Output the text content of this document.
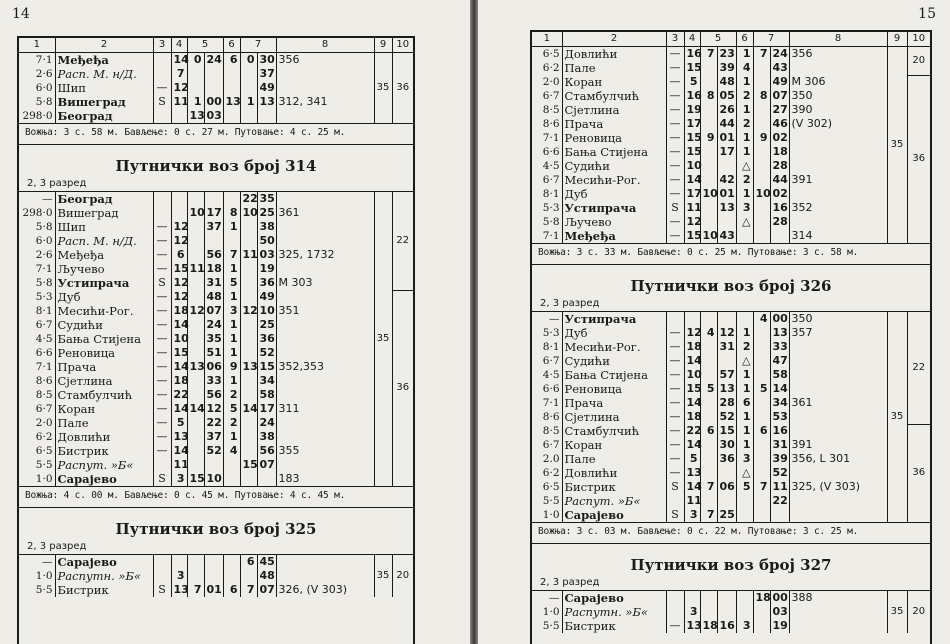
14
1	2	3	4	5	6	7	8	9	10
7·1	Међеђа		14	0	24	6	0	30	356	35	36
2·6	Расп. М. н/Д.		7					37			
6·0	Шип	—	12					49			
5·8	Вишеград	S	11	1	00	13	1	13	312, 341		
298·0	Београд			13	03						
Вожња: 3 с. 58 м. Бављење: 0 с. 27 м. Путовање: 4 с. 25 м.
Путнички воз број 314
2, 3 разред
—	Београд						22	35		35	22
298·0	Вишеград			10	17	8	10	25	361		
5·8	Шип	—	12		37	1		38			
6·0	Расп. М. н/Д.	—	12					50			
2·6	Међеђа	—	6		56	7	11	03	325, 1732		
7·1	Ључево	—	15	11	18	1		19			
5·8	Устипрача	S	12		31	5		36	M 303		
5·3	Дуб	—	12		48	1		49			36
8·1	Месићи-Рог.	—	18	12	07	3	12	10	351		
6·7	Судићи	—	14		24	1		25			
4·5	Бања Стијена	—	10		35	1		36			
6·6	Реновица	—	15		51	1		52			
7·1	Прача	—	14	13	06	9	13	15	352,353		
8·6	Сјетлина	—	18		33	1		34			
8·5	Стамбулчић	—	22		56	2		58			
6·7	Коран	—	14	14	12	5	14	17	311		
2·0	Пале	—	5		22	2		24			
6·2	Довлићи	—	13		37	1		38			
6·5	Бистрик	—	14		52	4		56	355		
5·5	Распут. »Б«		11				15	07			
1·0	Сарајево	S	3	15	10				183		
Вожња: 4 с. 00 м. Бављење: 0 с. 45 м. Путовање: 4 с. 45 м.
Путнички воз број 325
2, 3 разред
—	Сарајево						6	45		35	20
1·0	Распутн. »Б«		3					48			
5·5	Бистрик	S	13	7	01	6	7	07	326, (V 303)		
15
1	2	3	4	5	6	7	8	9	10
6·5	Довлићи	—	16	7	23	1	7	24	356	35	20
6·2	Пале	—	15		39	4		43			
2·0	Коран	—	5		48	1		49	M 306		36
6·7	Стамбулчић	—	16	8	05	2	8	07	350		
8·5	Сјетлина	—	19		26	1		27	390		
8·6	Прача	—	17		44	2		46	(V 302)		
7·1	Реновица	—	15	9	01	1	9	02			
6·6	Бања Стијена	—	15		17	1		18			
4·5	Судићи	—	10			△		28			
6·7	Месићи-Рог.	—	14		42	2		44	391		
8·1	Дуб	—	17	10	01	1	10	02			
5·3	Устипрача	S	11		13	3		16	352		
5·8	Ључево	—	12			△		28			
7·1	Међеђа	—	15	10	43				314		
Вожња: 3 с. 33 м. Бављење: 0 с. 25 м. Путовање: 3 с. 58 м.
Путнички воз број 326
2, 3 разред
—	Устипрача						4	00	350	35	22
5·3	Дуб	—	12	4	12	1		13	357		
8·1	Месићи-Рог.	—	18		31	2		33			
6·7	Судићи	—	14			△		47			
4·5	Бања Стијена	—	10		57	1		58			
6·6	Реновица	—	15	5	13	1	5	14			
7·1	Прача	—	14		28	6		34	361		
8·6	Сјетлина	—	18		52	1		53			
8·5	Стамбулчић	—	22	6	15	1	6	16			36
6·7	Коран	—	14		30	1		31	391		
2.0	Пале	—	5		36	3		39	356, L 301		
6·2	Довлићи	—	13			△		52			
6·5	Бистрик	S	14	7	06	5	7	11	325, (V 303)		
5·5	Распут. »Б«		11					22			
1·0	Сарајево	S	3	7	25						
Вожња: 3 с. 03 м. Бављење: 0 с. 22 м. Путовање: 3 с. 25 м.
Путнички воз број 327
2, 3 разред
—	Сарајево						18	00	388	35	20
1·0	Распутн. »Б«		3					03			
5·5	Бистрик	—	13	18	16	3		19			
